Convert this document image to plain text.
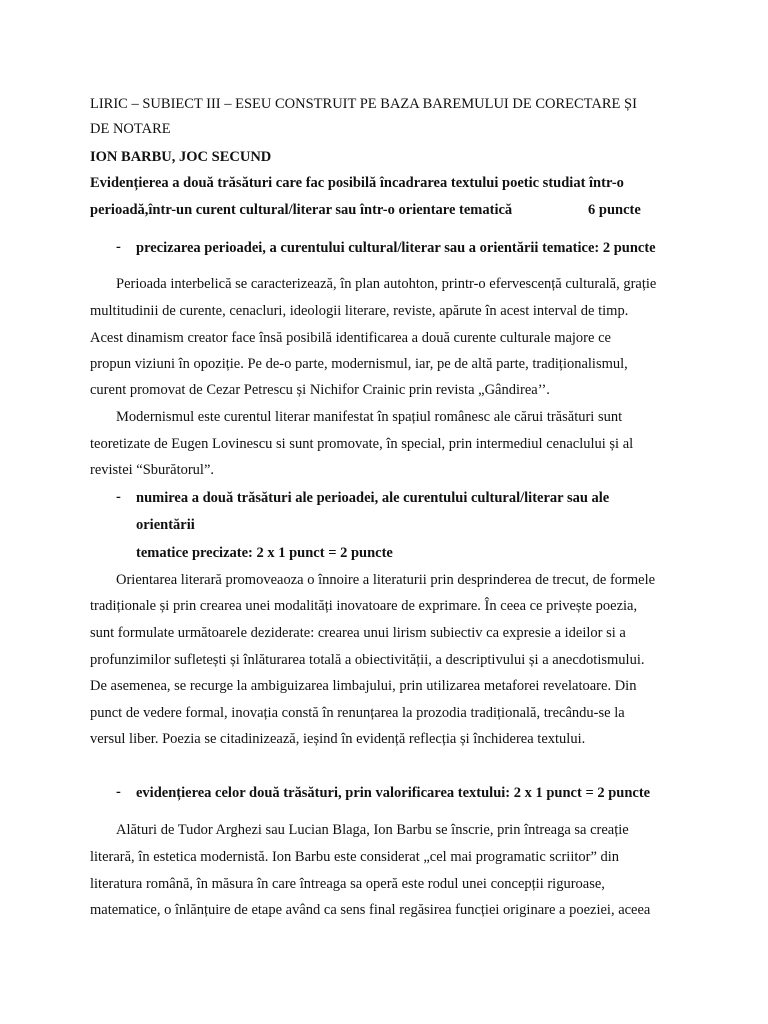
LIRIC – SUBIECT III – ESEU CONSTRUIT PE BAZA BAREMULUI DE CORECTARE ȘI
DE NOTARE
ION BARBU, JOC SECUND
Evidențierea a două trăsături care fac posibilă încadrarea textului poetic studiat într-o
perioadă,într-un curent cultural/literar sau într-o orientare tematică	6 puncte
- precizarea perioadei, a curentului cultural/literar sau a orientării tematice: 2 puncte
Perioada interbelică se caracterizează, în plan autohton, printr-o efervescență culturală, grație
multitudinii de curente, cenacluri, ideologii literare, reviste, apărute în acest interval de timp.
Acest dinamism creator face însă posibilă identificarea a două curente culturale majore ce
propun viziuni în opoziție. Pe de-o parte, modernismul, iar, pe de altă parte, tradiționalismul,
curent promovat de Cezar Petrescu și Nichifor Crainic prin revista „Gândirea’’.
Modernismul este curentul literar manifestat în spațiul românesc ale cărui trăsături sunt
teoretizate de Eugen Lovinescu si sunt promovate, în special, prin intermediul cenaclului și al
revistei “Sburătorul”.
- numirea a două trăsături ale perioadei, ale curentului cultural/literar sau ale
orientării
tematice precizate: 2 x 1 punct = 2 puncte
Orientarea literară promoveaoza o înnoire a literaturii prin desprinderea de trecut, de formele
tradiționale și prin crearea unei modalități inovatoare de exprimare. În ceea ce privește poezia,
sunt formulate următoarele deziderate: crearea unui lirism subiectiv ca expresie a ideilor si a
profunzimilor sufletești și înlăturarea totală a obiectivității, a descriptivului și a anecdotismului.
De asemenea, se recurge la ambiguizarea limbajului, prin utilizarea metaforei revelatoare. Din
punct de vedere formal, inovația constă în renunțarea la prozodia tradițională, trecându-se la
versul liber. Poezia se citadinizează, ieșind în evidență reflecția și închiderea textului.
- evidențierea celor două trăsături, prin valorificarea textului: 2 x 1 punct = 2 puncte
Alături de Tudor Arghezi sau Lucian Blaga, Ion Barbu se înscrie, prin întreaga sa creație
literară, în estetica modernistă. Ion Barbu este considerat „cel mai programatic scriitor” din
literatura română, în măsura în care întreaga sa operă este rodul unei concepții riguroase,
matematice, o înlănțuire de etape având ca sens final regăsirea funcției originare a poeziei, aceea
